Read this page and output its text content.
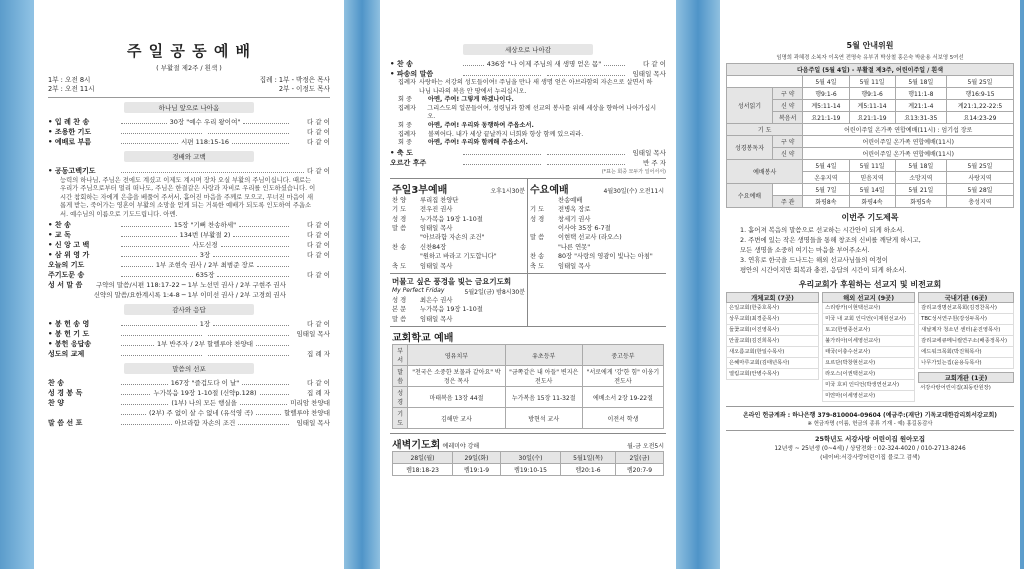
주 일 공 동 예 배
( 부활절 제2주 / 흰색 )
1부 : 오전 8시
2부 : 오전 11시
집례 : 1부 - 박정은 목사
2부 - 이정도 목사
하나님 앞으로 나아옴
• 입 례 찬 송	30장 "예수 우리 왕이여"	다 같 이
• 조용한 기도	다 같 이
• 예배로 부름	시편 118:15-16	다 같 이
경배와 고백
• 공동고백기도	다 같 이
능력의 하나님, 주님은 전에도 계셨고 이제도 계시며 장차 오실 부활의 주님이십니다. 때로는 우리가 주님으로부터 멀리 떠나도, 주님은 한결같은 사랑과 자비로 우리를 인도하셨습니다. 이 시간 참회하는 자에게 은총을 베풀어 주셔서, 흩어진 마음을 주께로 모으고, 무너진 마음이 새롭게 받는, 죽어가는 영혼이 부활의 소망을 얻게 되는 거룩한 예배가 되도록 인도하여 주옵소서. 예수님의 이름으로 기도드립니다. 아멘.
• 찬 송	15장 "기뻐 찬송하세"	다 같 이
• 교 독	134번 (부활절 2)	다 같 이
• 신 앙 고 백	사도신경	다 같 이
• 삼 위 영 가	3장	다 같 이
오늘의 기도	1부 조현숙 권사 / 2부 최범준 장로
주기도문 송	635장	다 같 이
성 서 말 씀	구약의 말씀/시편 118:17-22 ─ 1부 노선민 권사 / 2부 구현주 권사
신약의 말씀/요한계시록 1:4-8 ─ 1부 이미선 권사 / 2부 고경희 권사
감사와 응답
• 봉 헌 송 영	1장	다 같 이
• 봉 헌 기 도	임태일 목사
• 봉헌 응답송	1부 반주자 / 2부 할렐루야 찬양대
성도의 교제	집 례 자
말씀의 선포
찬 송	167장 "즐겁도다 이 날"	다 같 이
성 경 봉 독	누가복음 19장 1-10절 (신약p.128)	집 례 자
찬 양	(1부) 나의 모든 행실을	미리암 찬양대
(2부) 주 없이 살 수 없네 (유석영 곡)	할렐루야 찬양대
말 씀 선 포	아브라함 자손의 조건	임태일 목사
세상으로 나아감
• 찬 송	436장 "나 이제 주님의 새 생명 얻은 몸"	다 같 이
• 파송의 말씀	임태일 목사
집례자 사랑하는 서강의 성도들이여! 주님을 만나 새 생명 얻은 아브라함의 자손으로 살면서 하나님 나라의 복음 안 땅에서 누리십시오.
회 중	아멘, 주여! 그렇게 하겠나이다.
집례자	그리스도의 일꾼들이여, 성령님과 함께 선교의 봉사를 위해 세상을 향하여 나아가십시오.
회 중	아멘, 주여! 우리와 동행하여 주옵소서.
집례자	볼찌어다. 내가 세상 끝날까지 너희와 항상 함께 있으리라.
회 중	아멘, 주여! 우리와 함께해 주옵소서.
• 축 도	임태일 목사
오르간 후주	반 주 자
(*표는 회중 모두가 일어서서)
주일3부예배	오후1시30분
찬 양	루리집 찬양단
기 도	전우진 권사
성 경	누가복음 19장 1-10절
말 씀	임태일 목사
"아브라함 자손의 조건"
찬 송	신찬84장
"원하고 바라고 기도합니다"
축 도	임태일 목사
수요예배	4월30일(수) 오전11시
찬송예배
기 도	전병옥 장로
성 경	창세기 권사
이사야 35장 6-7절
말 씀	이현택 선교사 (라오스)
"나른 연못"
찬 송	80장 "사랑의 영광이 빛나는 아침"
축 도	임태일 목사
머물고 싶은 풍경을 빛는 금요기도회
My Perfect Friday	5월2일(금) 밤8시30분
성 경	최은수 권사
본 문	누가복음 19장 1-10절
말 씀	임태일 목사
교회학교 예배
부서	영유치부	유초등부	중고등부
말씀	"천국은 소중한 보물과 같아요" 박정은 목사	"금쪽같은 내 아들" 변지은 전도사	"서로에게 '강'한 힘" 이웅기 전도사
성경	마태복음 13장 44절	누가복음 15장 11-32절	에베소서 2장 19-22절
기도	김해만 교사	방현석 교사	이전서 학생
새벽기도회 예레미야 강해	월-금 오전5시
28일(월)	29일(화)	30일(수)	5월1일(목)	2일(금)
렘18:18-23	렘19:1-9	렘19:10-15	렘20:1-6	렘20:7-9
5월 안내위원
임명희 곽혜경 소복자 이옥연 전명숙 유부귀 박상철 홍은숙 박윤용 서보영 5여선
다음주일 (5월 4일) - 부활절 제3주, 어린이주일 / 흰색					
		5월 4일	5월 11일	5월 18일	5월 25일
성서읽기	구 약	행9:1-6	행9:1-6	행11:1-8	행16:9-15
	신 약	계5:11-14	계5:11-14	계21:1-4	계21:1,22-22:5
	복음서	요21:1-19	요21:1-19	요13:31-35	요14:23-29
기 도		어린이주일 온가족 연합예배(11시) : 엄기섭 장로			
성경봉독자	구 약	어린이주일 온가족 연합예배(11시)			
	신 약	어린이주일 온가족 연합예배(11시)			
예배봉사		5월 4일	5월 11일	5월 18일	5월 25일
		온유지역	믿음지역	소망지역	사랑지역
수요예배		5월 7일	5월 14일	5월 21일	5월 28일
	주 관	화평8속	화평4속	화평5속	충성지역
이번주 기도제목
1. 흩어져 복음의 말씀으로 선교하는 시간안이 되게 하소서.
2. 주변에 있는 작은 생명들을 통해 창조의 신비를 깨닫게 하시고,
모든 생명을 소중히 여기는 마음을 부어주소서.
3. 연휴로 한국을 드나드는 해외 선교사님들의 여정이
평안의 시간이지만 회복과 충전, 응답의 시간이 되게 하소서.
우리교회가 후원하는 선교지 및 비전교회
개체교회 (7곳)
은일교회(한중호목사)
상무교회(최경준목사)
들꽃교회(이진영목사)
안골교회(김진희목사)
새오름교회(한일수목사)
은혜마루교회(김태년목사)
열림교회(안병수목사)
해외 선교지 (9곳)
스리랑카(이현택선교사)
미국 내 교회 인디언(이재원선교사)
토고(한영종선교사)
불가리아(이세영선교사)
태국(이충수선교사)
요르단(박창현선교사)
라오스(이권택선교사)
미국 호피 인디언(박생연선교사)
미얀마(이세영선교사)
국내기관 (6곳)
감리교생명선교목회(김경찬목사)
TBC성서연구원(강성두목사)
새날제자 청소년 센터(윤진영목사)
감리교에큐메니컬연구소(배종정목사)
에드워크목회(박진혁목사)
나무가있는집(윤용득목사)
교회개관 (1곳)
서강사랑어린이집(최동란원장)
온라인 헌금계좌 : 하나은행 379-810004-09604 (예금주:(재단) 기독교대한감리회서강교회)
※ 헌금자명 (이름, 헌금의 종류 기재 - 예) 홍길동감사
25학년도 서강사랑 어린이집 원아모집
12년생 ~ 25년생 (0~4세) / 상담전화 : 02-324-4020 / 010-2713-8246
(네이버:서강사랑어린이집 블로그 검색)
